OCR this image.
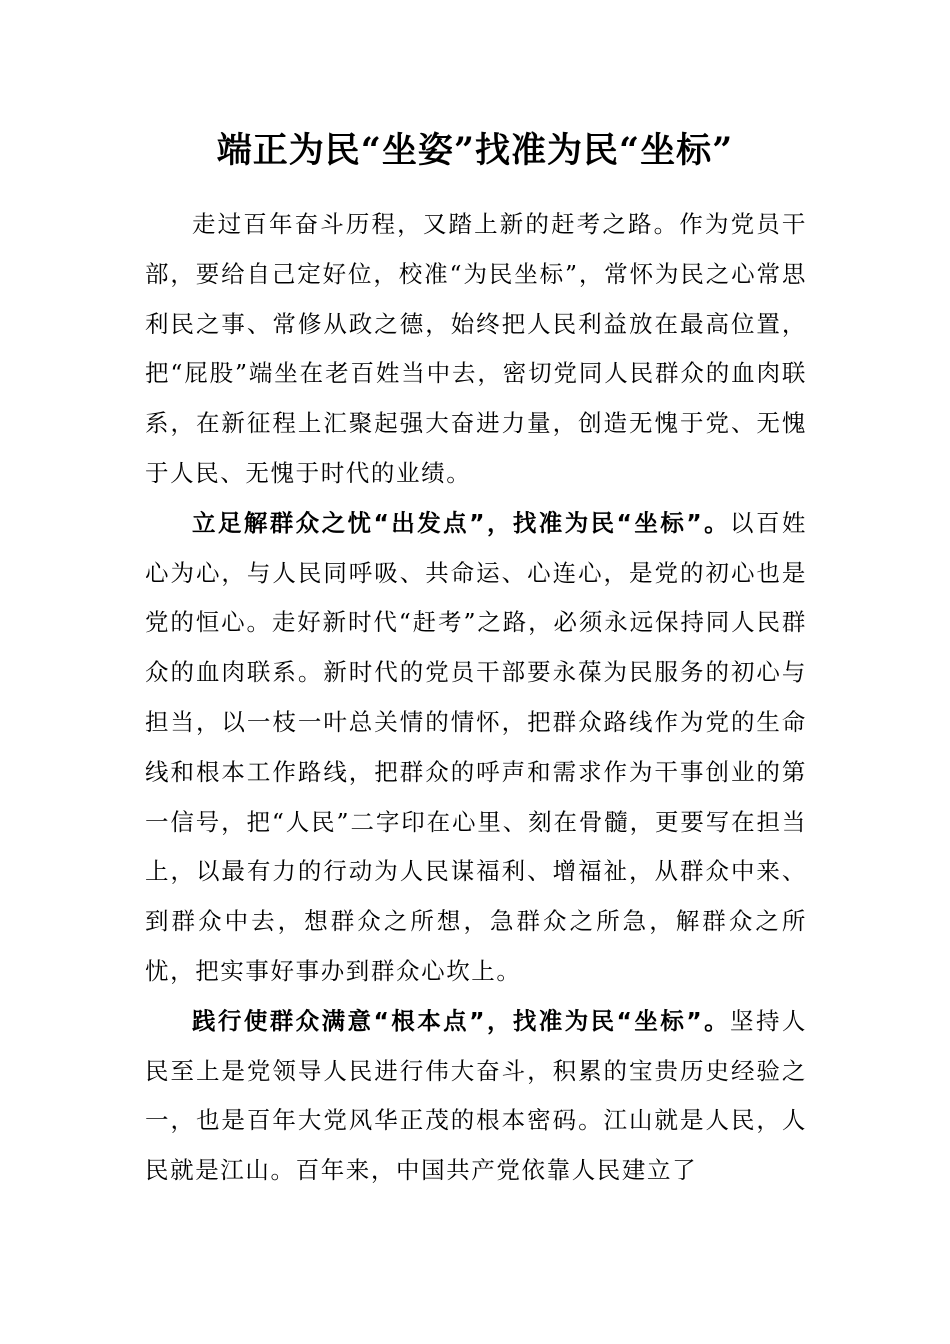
端正为民“坐姿”找准为民“坐标”

走过百年奋斗历程，又踏上新的赶考之路。作为党员干部，要给自己定好位，校准“为民坐标”，常怀为民之心常思利民之事、常修从政之德，始终把人民利益放在最高位置，把“屁股”端坐在老百姓当中去，密切党同人民群众的血肉联系，在新征程上汇聚起强大奋进力量，创造无愧于党、无愧于人民、无愧于时代的业绩。

立足解群众之忧“出发点”，找准为民“坐标”。以百姓心为心，与人民同呼吸、共命运、心连心，是党的初心也是党的恒心。走好新时代“赶考”之路，必须永远保持同人民群众的血肉联系。新时代的党员干部要永葆为民服务的初心与担当，以一枝一叶总关情的情怀，把群众路线作为党的生命线和根本工作路线，把群众的呼声和需求作为干事创业的第一信号，把“人民”二字印在心里、刻在骨髓，更要写在担当上，以最有力的行动为人民谋福利、增福祉，从群众中来、到群众中去，想群众之所想，急群众之所急，解群众之所忧，把实事好事办到群众心坎上。

践行使群众满意“根本点”，找准为民“坐标”。坚持人民至上是党领导人民进行伟大奋斗，积累的宝贵历史经验之一，也是百年大党风华正茂的根本密码。江山就是人民，人民就是江山。百年来，中国共产党依靠人民建立了
